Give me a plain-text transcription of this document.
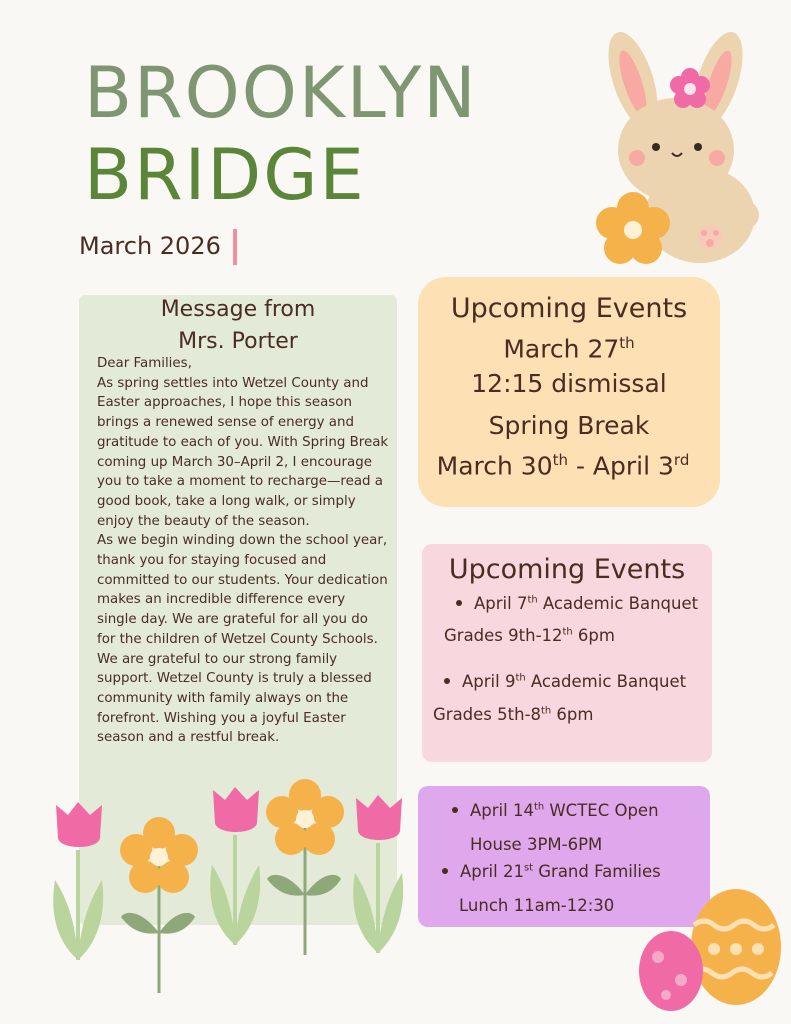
BROOKLYN
BRIDGE
March 2026
Message from
Mrs. Porter

Dear Families,

As spring settles into Wetzel County and Easter approaches, I hope this season brings a renewed sense of energy and gratitude to each of you. With Spring Break coming up March 30–April 2, I encourage you to take a moment to recharge—read a good book, take a long walk, or simply enjoy the beauty of the season.

As we begin winding down the school year, thank you for staying focused and committed to our students. Your dedication makes an incredible difference every single day. We are grateful for all you do for the children of Wetzel County Schools. We are grateful to our strong family support. Wetzel County is truly a blessed community with family always on the forefront. Wishing you a joyful Easter season and a restful break.

Upcoming Events
March 27th
12:15 dismissal
Spring Break
March 30th - April 3rd
Upcoming Events
April 7th Academic Banquet
Grades 9th-12th 6pm
April 9th Academic Banquet
Grades 5th-8th 6pm
April 14th WCTEC Open
House 3PM-6PM
April 21st Grand Families
Lunch 11am-12:30
